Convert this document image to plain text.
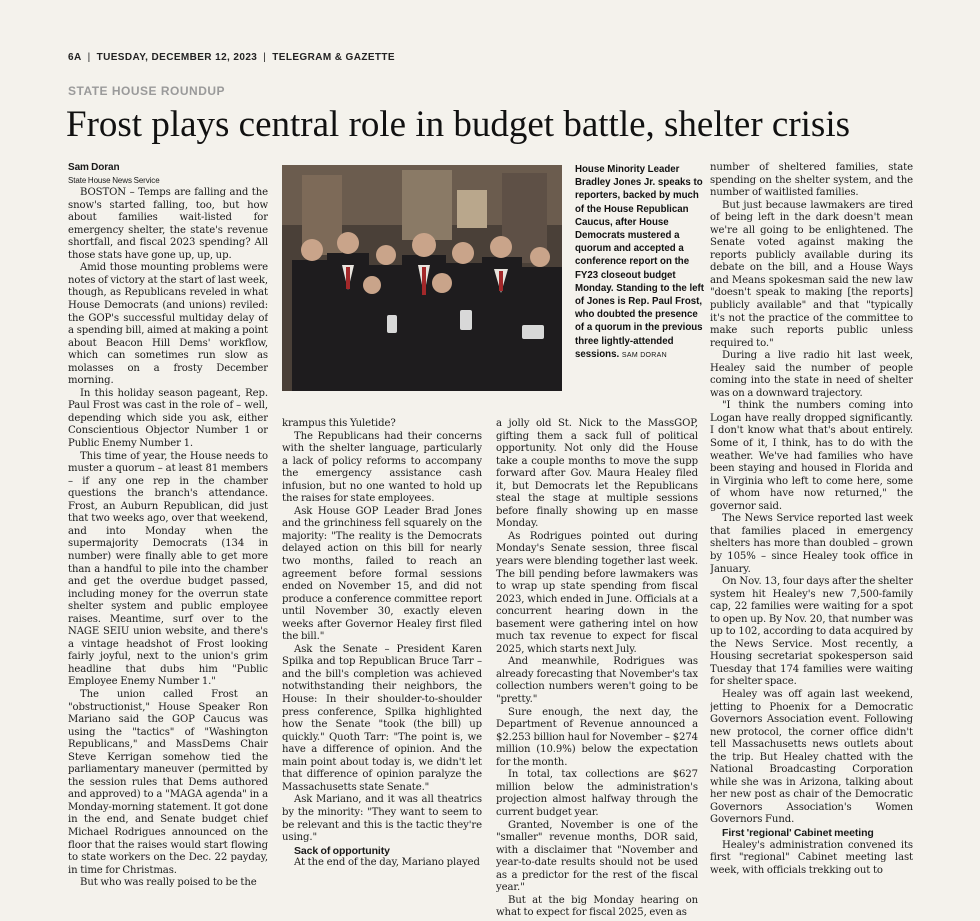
6A | TUESDAY, DECEMBER 12, 2023 | TELEGRAM & GAZETTE
STATE HOUSE ROUNDUP
Frost plays central role in budget battle, shelter crisis

Sam Doran

State House News Service

BOSTON – Temps are falling and the snow's started falling, too, but how about families wait-listed for emergency shelter, the state's revenue shortfall, and fiscal 2023 spending? All those stats have gone up, up, up.

Amid those mounting problems were notes of victory at the start of last week, though, as Republicans reveled in what House Democrats (and unions) reviled: the GOP's successful multiday delay of a spending bill, aimed at making a point about Beacon Hill Dems' workflow, which can sometimes run slow as molasses on a frosty December morning.

In this holiday season pageant, Rep. Paul Frost was cast in the role of – well, depending which side you ask, either Conscientious Objector Number 1 or Public Enemy Number 1.

This time of year, the House needs to muster a quorum – at least 81 members – if any one rep in the chamber questions the branch's attendance. Frost, an Auburn Republican, did just that two weeks ago, over that weekend, and into Monday when the supermajority Democrats (134 in number) were finally able to get more than a handful to pile into the chamber and get the overdue budget passed, including money for the overrun state shelter system and public employee raises. Meantime, surf over to the NAGE SEIU union website, and there's a vintage headshot of Frost looking fairly joyful, next to the union's grim headline that dubs him "Public Employee Enemy Number 1."

The union called Frost an "obstructionist," House Speaker Ron Mariano said the GOP Caucus was using the "tactics" of "Washington Republicans," and MassDems Chair Steve Kerrigan somehow tied the parliamentary maneuver (permitted by the session rules that Dems authored and approved) to a "MAGA agenda" in a Monday-morning statement. It got done in the end, and Senate budget chief Michael Rodrigues announced on the floor that the raises would start flowing to state workers on the Dec. 22 payday, in time for Christmas.

But who was really poised to be the

House Minority Leader Bradley Jones Jr. speaks to reporters, backed by much of the House Republican Caucus, after House Democrats mustered a quorum and accepted a conference report on the FY23 closeout budget Monday. Standing to the left of Jones is Rep. Paul Frost, who doubted the presence of a quorum in the previous three lightly-attended sessions. SAM DORAN

krampus this Yuletide?

The Republicans had their concerns with the shelter language, particularly a lack of policy reforms to accompany the emergency assistance cash infusion, but no one wanted to hold up the raises for state employees.

Ask House GOP Leader Brad Jones and the grinchiness fell squarely on the majority: "The reality is the Democrats delayed action on this bill for nearly two months, failed to reach an agreement before formal sessions ended on November 15, and did not produce a conference committee report until November 30, exactly eleven weeks after Governor Healey first filed the bill."

Ask the Senate – President Karen Spilka and top Republican Bruce Tarr – and the bill's completion was achieved notwithstanding their neighbors, the House: In their shoulder-to-shoulder press conference, Spilka highlighted how the Senate "took (the bill) up quickly." Quoth Tarr: "The point is, we have a difference of opinion. And the main point about today is, we didn't let that difference of opinion paralyze the Massachusetts state Senate."

Ask Mariano, and it was all theatrics by the minority: "They want to seem to be relevant and this is the tactic they're using."

Sack of opportunity

At the end of the day, Mariano played

a jolly old St. Nick to the MassGOP, gifting them a sack full of political opportunity. Not only did the House take a couple months to move the supp forward after Gov. Maura Healey filed it, but Democrats let the Republicans steal the stage at multiple sessions before finally showing up en masse Monday.

As Rodrigues pointed out during Monday's Senate session, three fiscal years were blending together last week. The bill pending before lawmakers was to wrap up state spending from fiscal 2023, which ended in June. Officials at a concurrent hearing down in the basement were gathering intel on how much tax revenue to expect for fiscal 2025, which starts next July.

And meanwhile, Rodrigues was already forecasting that November's tax collection numbers weren't going to be "pretty."

Sure enough, the next day, the Department of Revenue announced a $2.253 billion haul for November – $274 million (10.9%) below the expectation for the month.

In total, tax collections are $627 million below the administration's projection almost halfway through the current budget year.

Granted, November is one of the "smaller" revenue months, DOR said, with a disclaimer that "November and year-to-date results should not be used as a predictor for the rest of the fiscal year."

But at the big Monday hearing on what to expect for fiscal 2025, even as

number of sheltered families, state spending on the shelter system, and the number of waitlisted families.

But just because lawmakers are tired of being left in the dark doesn't mean we're all going to be enlightened. The Senate voted against making the reports publicly available during its debate on the bill, and a House Ways and Means spokesman said the new law "doesn't speak to making [the reports] publicly available" and that "typically it's not the practice of the committee to make such reports public unless required to."

During a live radio hit last week, Healey said the number of people coming into the state in need of shelter was on a downward trajectory.

"I think the numbers coming into Logan have really dropped significantly. I don't know what that's about entirely. Some of it, I think, has to do with the weather. We've had families who have been staying and housed in Florida and in Virginia who left to come here, some of whom have now returned," the governor said.

The News Service reported last week that families placed in emergency shelters has more than doubled – grown by 105% – since Healey took office in January.

On Nov. 13, four days after the shelter system hit Healey's new 7,500-family cap, 22 families were waiting for a spot to open up. By Nov. 20, that number was up to 102, according to data acquired by the News Service. Most recently, a Housing secretariat spokesperson said Tuesday that 174 families were waiting for shelter space.

Healey was off again last weekend, jetting to Phoenix for a Democratic Governors Association event. Following new protocol, the corner office didn't tell Massachusetts news outlets about the trip. But Healey chatted with the National Broadcasting Corporation while she was in Arizona, talking about her new post as chair of the Democratic Governors Association's Women Governors Fund.

First 'regional' Cabinet meeting

Healey's administration convened its first "regional" Cabinet meeting last week, with officials trekking out to
